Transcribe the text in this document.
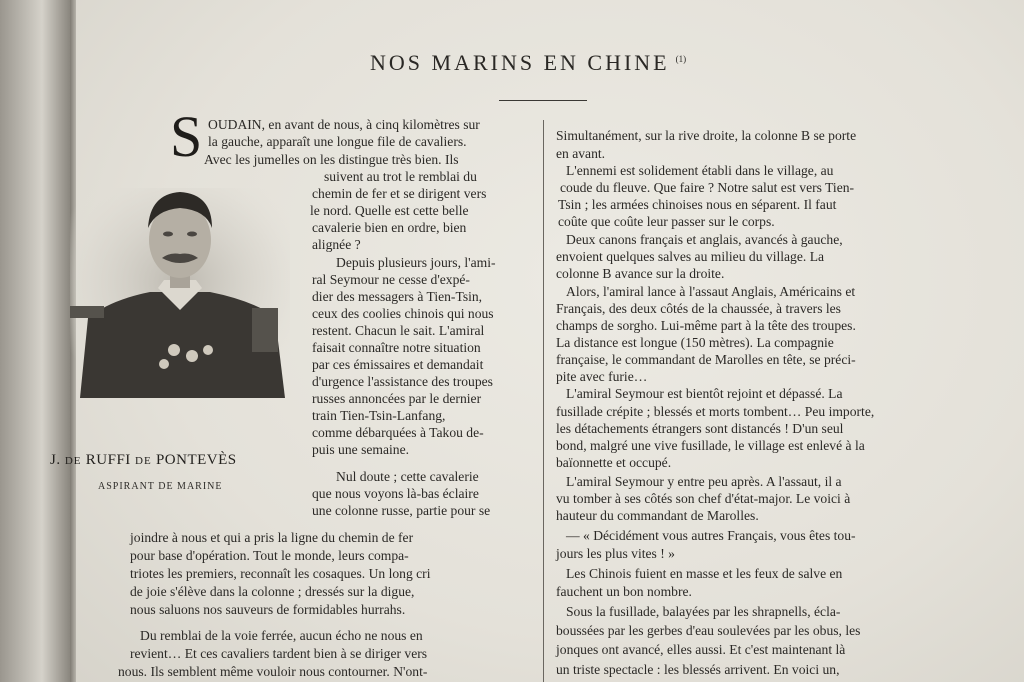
NOS MARINS EN CHINE $^{(1)}$
S
J. DE RUFFI DE PONTEVÈS
ASPIRANT DE MARINE
OUDAIN, en avant de nous, à cinq kilomètres sur
la gauche, apparaît une longue file de cavaliers.
Avec les jumelles on les distingue très bien. Ils
suivent au trot le remblai du
chemin de fer et se dirigent vers
le nord. Quelle est cette belle
cavalerie bien en ordre, bien
alignée ?
Depuis plusieurs jours, l'ami-
ral Seymour ne cesse d'expé-
dier des messagers à Tien-Tsin,
ceux des coolies chinois qui nous
restent. Chacun le sait. L'amiral
faisait connaître notre situation
par ces émissaires et demandait
d'urgence l'assistance des troupes
russes annoncées par le dernier
train Tien-Tsin-Lanfang,
comme débarquées à Takou de-
puis une semaine.
Nul doute ; cette cavalerie
que nous voyons là-bas éclaire
une colonne russe, partie pour se
joindre à nous et qui a pris la ligne du chemin de fer
pour base d'opération. Tout le monde, leurs compa-
triotes les premiers, reconnaît les cosaques. Un long cri
de joie s'élève dans la colonne ; dressés sur la digue,
nous saluons nos sauveurs de formidables hurrahs.
Du remblai de la voie ferrée, aucun écho ne nous en
revient… Et ces cavaliers tardent bien à se diriger vers
nous. Ils semblent même vouloir nous contourner. N'ont-
Simultanément, sur la rive droite, la colonne B se porte
en avant.
L'ennemi est solidement établi dans le village, au
coude du fleuve. Que faire ? Notre salut est vers Tien-
Tsin ; les armées chinoises nous en séparent. Il faut
coûte que coûte leur passer sur le corps.
Deux canons français et anglais, avancés à gauche,
envoient quelques salves au milieu du village. La
colonne B avance sur la droite.
Alors, l'amiral lance à l'assaut Anglais, Américains et
Français, des deux côtés de la chaussée, à travers les
champs de sorgho. Lui-même part à la tête des troupes.
La distance est longue (150 mètres). La compagnie
française, le commandant de Marolles en tête, se préci-
pite avec furie…
L'amiral Seymour est bientôt rejoint et dépassé. La
fusillade crépite ; blessés et morts tombent… Peu importe,
les détachements étrangers sont distancés ! D'un seul
bond, malgré une vive fusillade, le village est enlevé à la
baïonnette et occupé.
L'amiral Seymour y entre peu après. A l'assaut, il a
vu tomber à ses côtés son chef d'état-major. Le voici à
hauteur du commandant de Marolles.
— « Décidément vous autres Français, vous êtes tou-
jours les plus vites ! »
Les Chinois fuient en masse et les feux de salve en
fauchent un bon nombre.
Sous la fusillade, balayées par les shrapnells, écla-
boussées par les gerbes d'eau soulevées par les obus, les
jonques ont avancé, elles aussi. Et c'est maintenant là
un triste spectacle : les blessés arrivent. En voici un,
